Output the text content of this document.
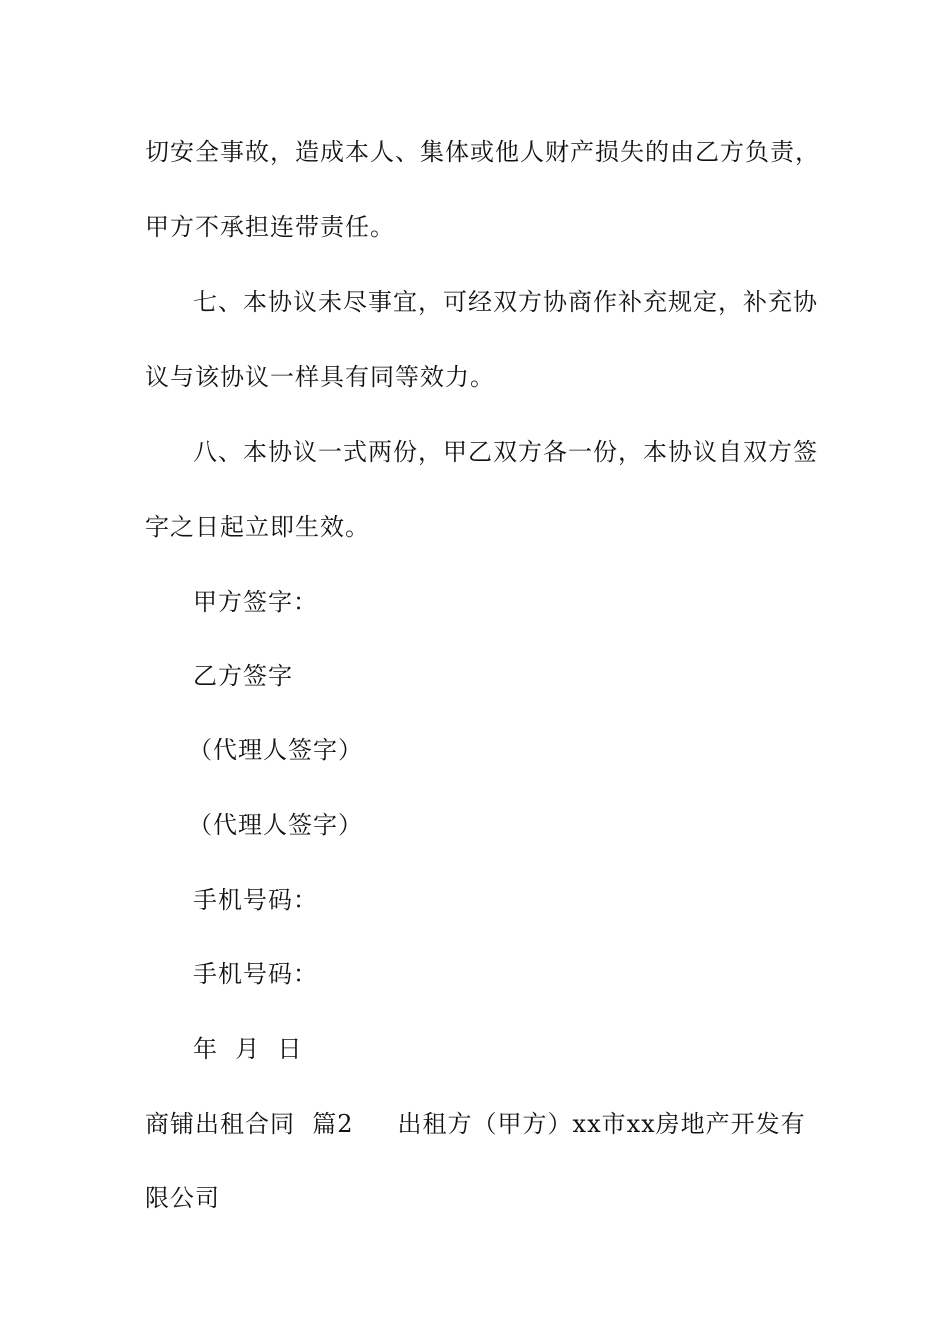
切安全事故，造成本人、集体或他人财产损失的由乙方负责，
甲方不承担连带责任。
七、本协议未尽事宜，可经双方协商作补充规定，补充协
议与该协议一样具有同等效力。
八、本协议一式两份，甲乙双方各一份，本协议自双方签
字之日起立即生效。
甲方签字：
乙方签字
（代理人签字）
（代理人签字）
手机号码：
手机号码：
年  月  日
商铺出租合同  篇2 出租方（甲方）xx市xx房地产开发有
限公司
